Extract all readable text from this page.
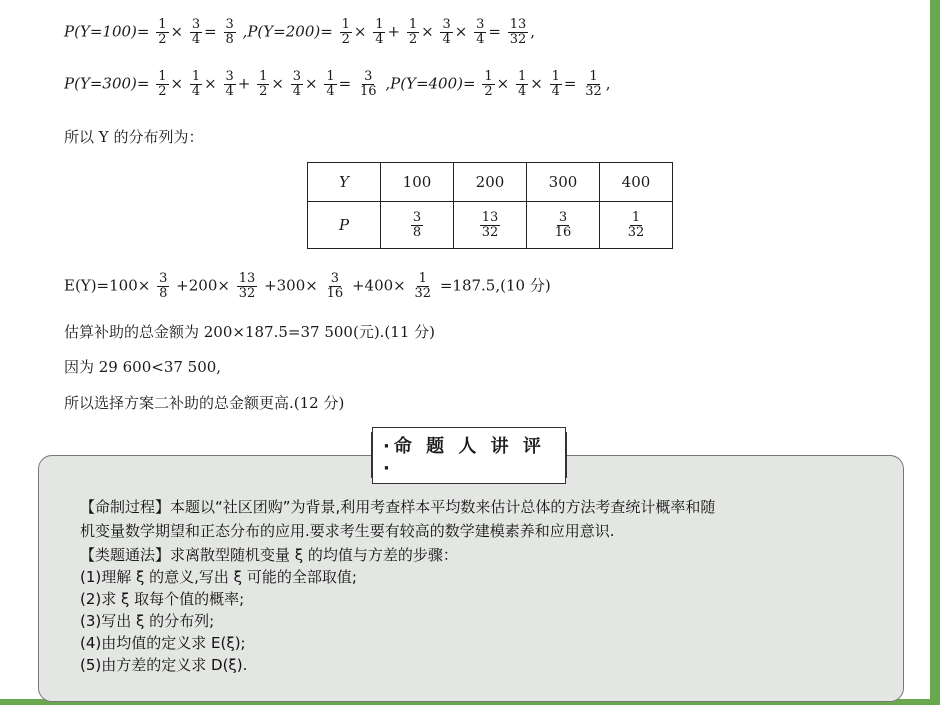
$P(Y=100)= \frac{1}{2} \times \frac{3}{4} = \frac{3}{8} ,P(Y=200)= \frac{1}{2} \times \frac{1}{4} + \frac{1}{2} \times \frac{3}{4} \times \frac{3}{4} = \frac{13}{32}$ ,
$P(Y=300)= \frac{1}{2} \times \frac{1}{4} \times \frac{3}{4} + \frac{1}{2} \times \frac{3}{4} \times \frac{1}{4} = \frac{3}{16} ,P(Y=400)= \frac{1}{2} \times \frac{1}{4} \times \frac{1}{4} = \frac{1}{32}$ ,
所以 Y 的分布列为：
Y	100	200	300	400
P	$\frac{3}{8}$	$\frac{13}{32}$	$\frac{3}{16}$	$\frac{1}{32}$
$E(Y)=100\times \frac{3}{8} +200\times \frac{13}{32} +300\times \frac{3}{16} +400\times \frac{1}{32} =187.5,(10$ 分)
估算补助的总金额为 200×187.5=37 500(元).(11 分)
因为 29 600<37 500,
所以选择方案二补助的总金额更高.(12 分)
·命 题 人 讲 评·
【命制过程】本题以“社区团购”为背景,利用考查样本平均数来估计总体的方法考查统计概率和随
机变量数学期望和正态分布的应用.要求考生要有较高的数学建模素养和应用意识.
【类题通法】求离散型随机变量 ξ 的均值与方差的步骤：
(1)理解 ξ 的意义,写出 ξ 可能的全部取值;
(2)求 ξ 取每个值的概率;
(3)写出 ξ 的分布列;
(4)由均值的定义求 E(ξ);
(5)由方差的定义求 D(ξ).
